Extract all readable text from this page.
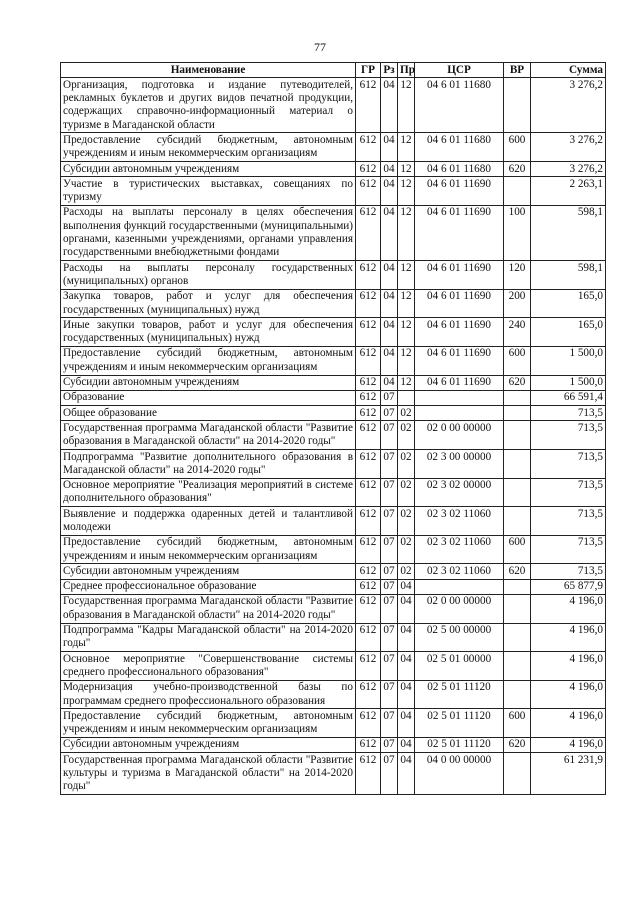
77
Наименование	ГР	Рз	Пр	ЦСР	ВР	Сумма
Организация, подготовка и издание путеводителей, рекламных буклетов и других видов печатной продукции, содержащих справочно-информационный материал о туризме в Магаданской области	612	04	12	04 6 01 11680		3 276,2
Предоставление субсидий бюджетным, автономным учреждениям и иным некоммерческим организациям	612	04	12	04 6 01 11680	600	3 276,2
Субсидии автономным учреждениям	612	04	12	04 6 01 11680	620	3 276,2
Участие в туристических выставках, совещаниях по туризму	612	04	12	04 6 01 11690		2 263,1
Расходы на выплаты персоналу в целях обеспечения выполнения функций государственными (муниципальными) органами, казенными учреждениями, органами управления государственными внебюджетными фондами	612	04	12	04 6 01 11690	100	598,1
Расходы на выплаты персоналу государственных (муниципальных) органов	612	04	12	04 6 01 11690	120	598,1
Закупка товаров, работ и услуг для обеспечения государственных (муниципальных) нужд	612	04	12	04 6 01 11690	200	165,0
Иные закупки товаров, работ и услуг для обеспечения государственных (муниципальных) нужд	612	04	12	04 6 01 11690	240	165,0
Предоставление субсидий бюджетным, автономным учреждениям и иным некоммерческим организациям	612	04	12	04 6 01 11690	600	1 500,0
Субсидии автономным учреждениям	612	04	12	04 6 01 11690	620	1 500,0
Образование	612	07				66 591,4
Общее образование	612	07	02			713,5
Государственная программа Магаданской области "Развитие образования в Магаданской области" на 2014-2020 годы"	612	07	02	02 0 00 00000		713,5
Подпрограмма "Развитие дополнительного образования в Магаданской области" на 2014-2020 годы"	612	07	02	02 3 00 00000		713,5
Основное мероприятие "Реализация мероприятий в системе дополнительного образования"	612	07	02	02 3 02 00000		713,5
Выявление и поддержка одаренных детей и талантливой молодежи	612	07	02	02 3 02 11060		713,5
Предоставление субсидий бюджетным, автономным учреждениям и иным некоммерческим организациям	612	07	02	02 3 02 11060	600	713,5
Субсидии автономным учреждениям	612	07	02	02 3 02 11060	620	713,5
Среднее профессиональное образование	612	07	04			65 877,9
Государственная программа Магаданской области "Развитие образования в Магаданской области" на 2014-2020 годы"	612	07	04	02 0 00 00000		4 196,0
Подпрограмма "Кадры Магаданской области" на 2014-2020 годы"	612	07	04	02 5 00 00000		4 196,0
Основное мероприятие "Совершенствование системы среднего профессионального образования"	612	07	04	02 5 01 00000		4 196,0
Модернизация учебно-производственной базы по программам среднего профессионального образования	612	07	04	02 5 01 11120		4 196,0
Предоставление субсидий бюджетным, автономным учреждениям и иным некоммерческим организациям	612	07	04	02 5 01 11120	600	4 196,0
Субсидии автономным учреждениям	612	07	04	02 5 01 11120	620	4 196,0
Государственная программа Магаданской области "Развитие культуры и туризма в Магаданской области" на 2014-2020 годы"	612	07	04	04 0 00 00000		61 231,9
